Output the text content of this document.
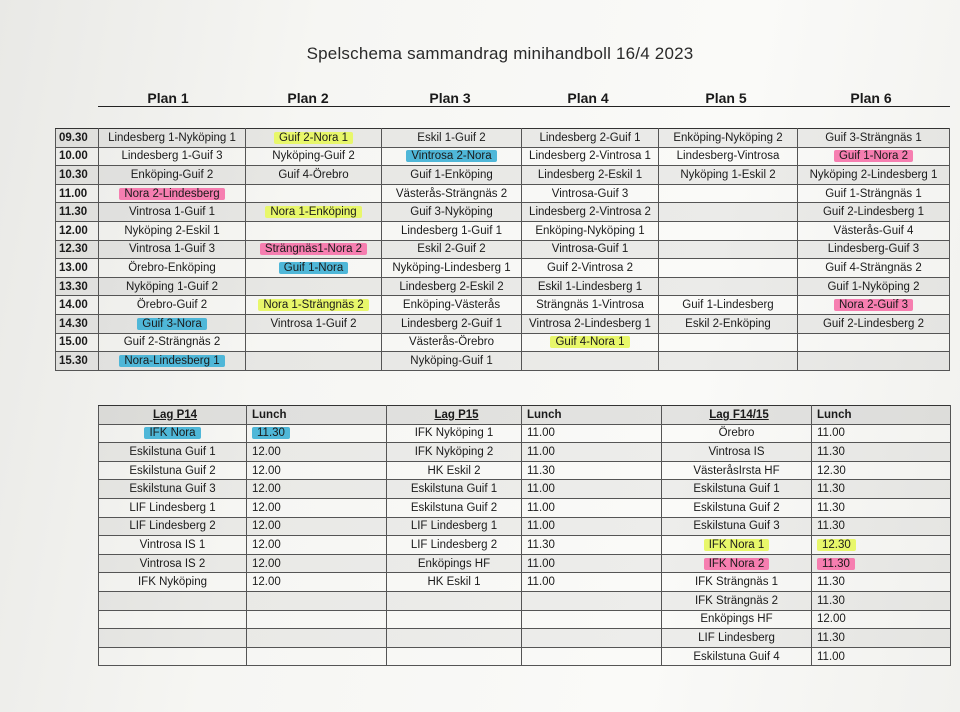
Spelschema sammandrag minihandboll 16/4 2023
Plan 1	Plan 2	Plan 3	Plan 4	Plan 5	Plan 6
09.30	Lindesberg 1-Nyköping 1	Guif 2-Nora 1	Eskil 1-Guif 2	Lindesberg 2-Guif 1	Enköping-Nyköping 2	Guif 3-Strängnäs 1
10.00	Lindesberg 1-Guif 3	Nyköping-Guif 2	Vintrosa 2-Nora	Lindesberg 2-Vintrosa 1	Lindesberg-Vintrosa	Guif 1-Nora 2
10.30	Enköping-Guif 2	Guif 4-Örebro	Guif 1-Enköping	Lindesberg 2-Eskil 1	Nyköping 1-Eskil 2	Nyköping 2-Lindesberg 1
11.00	Nora 2-Lindesberg		Västerås-Strängnäs 2	Vintrosa-Guif 3		Guif 1-Strängnäs 1
11.30	Vintrosa 1-Guif 1	Nora 1-Enköping	Guif 3-Nyköping	Lindesberg 2-Vintrosa 2		Guif 2-Lindesberg 1
12.00	Nyköping 2-Eskil 1		Lindesberg 1-Guif 1	Enköping-Nyköping 1		Västerås-Guif 4
12.30	Vintrosa 1-Guif 3	Strängnäs1-Nora 2	Eskil 2-Guif 2	Vintrosa-Guif 1		Lindesberg-Guif 3
13.00	Örebro-Enköping	Guif 1-Nora	Nyköping-Lindesberg 1	Guif 2-Vintrosa 2		Guif 4-Strängnäs 2
13.30	Nyköping 1-Guif 2		Lindesberg 2-Eskil 2	Eskil 1-Lindesberg 1		Guif 1-Nyköping 2
14.00	Örebro-Guif 2	Nora 1-Strängnäs 2	Enköping-Västerås	Strängnäs 1-Vintrosa	Guif 1-Lindesberg	Nora 2-Guif 3
14.30	Guif 3-Nora	Vintrosa 1-Guif 2	Lindesberg 2-Guif 1	Vintrosa 2-Lindesberg 1	Eskil 2-Enköping	Guif 2-Lindesberg 2
15.00	Guif 2-Strängnäs 2		Västerås-Örebro	Guif 4-Nora 1		
15.30	Nora-Lindesberg 1		Nyköping-Guif 1			
Lag P14	Lunch	Lag P15	Lunch	Lag F14/15	Lunch
IFK Nora	11.30	IFK Nyköping 1	11.00	Örebro	11.00
Eskilstuna Guif 1	12.00	IFK Nyköping 2	11.00	Vintrosa IS	11.30
Eskilstuna Guif 2	12.00	HK Eskil 2	11.30	VästeråsIrsta HF	12.30
Eskilstuna Guif 3	12.00	Eskilstuna Guif 1	11.00	Eskilstuna Guif 1	11.30
LIF Lindesberg 1	12.00	Eskilstuna Guif 2	11.00	Eskilstuna Guif 2	11.30
LIF Lindesberg 2	12.00	LIF Lindesberg 1	11.00	Eskilstuna Guif 3	11.30
Vintrosa IS 1	12.00	LIF Lindesberg 2	11.30	IFK Nora 1	12.30
Vintrosa IS 2	12.00	Enköpings HF	11.00	IFK Nora 2	11.30
IFK Nyköping	12.00	HK Eskil 1	11.00	IFK Strängnäs 1	11.30
				IFK Strängnäs 2	11.30
				Enköpings HF	12.00
				LIF Lindesberg	11.30
				Eskilstuna Guif 4	11.00
